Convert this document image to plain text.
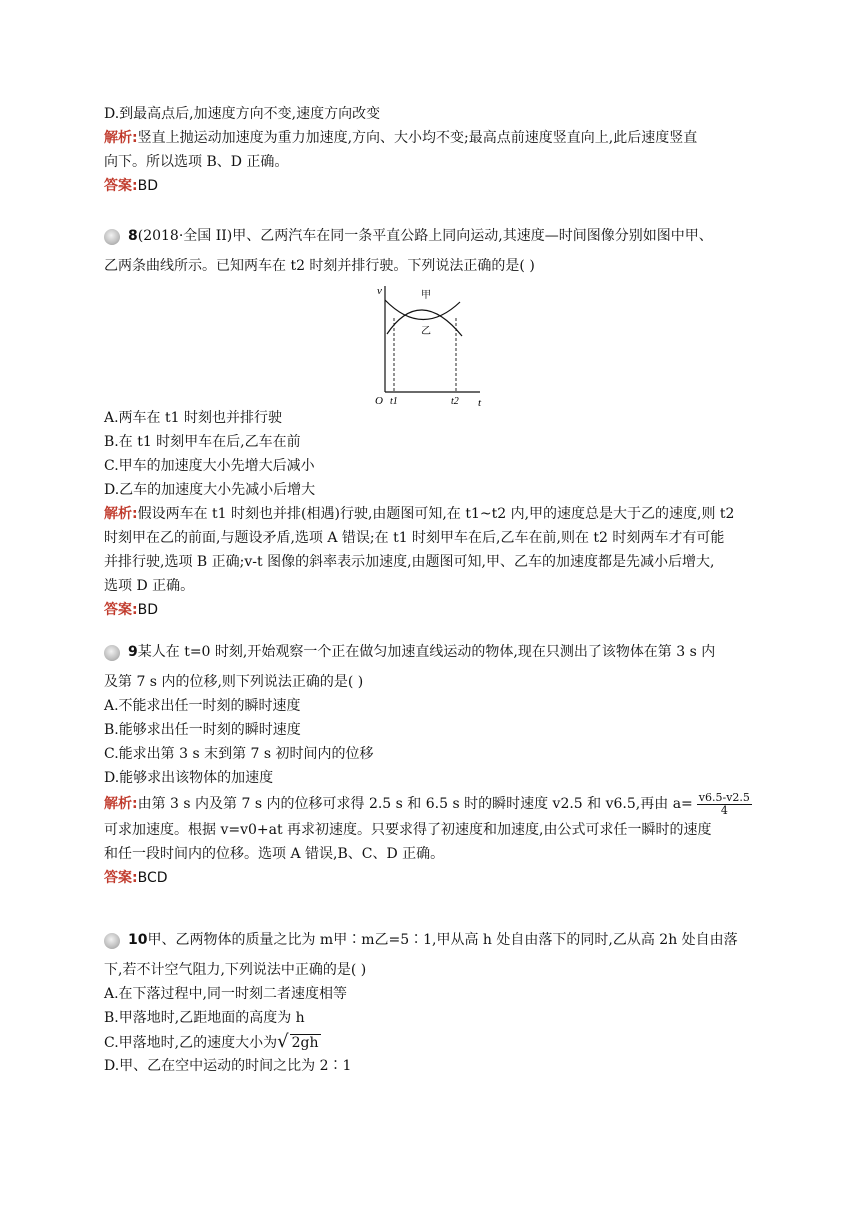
D.到最高点后,加速度方向不变,速度方向改变
解析:竖直上抛运动加速度为重力加速度,方向、大小均不变;最高点前速度竖直向上,此后速度竖直
向下。所以选项 B、D 正确。
答案:BD
8 (2018·全国 II)甲、乙两汽车在同一条平直公路上同向运动,其速度—时间图像分别如图中甲、
乙两条曲线所示。已知两车在 t2 时刻并排行驶。下列说法正确的是( )
v
t
O t1	t2
甲
乙
A.两车在 t1 时刻也并排行驶
B.在 t1 时刻甲车在后,乙车在前
C.甲车的加速度大小先增大后减小
D.乙车的加速度大小先减小后增大
解析:假设两车在 t1 时刻也并排(相遇)行驶,由题图可知,在 t1~t2 内,甲的速度总是大于乙的速度,则 t2
时刻甲在乙的前面,与题设矛盾,选项 A 错误;在 t1 时刻甲车在后,乙车在前,则在 t2 时刻两车才有可能
并排行驶,选项 B 正确;v-t 图像的斜率表示加速度,由题图可知,甲、乙车的加速度都是先减小后增大,
选项 D 正确。
答案:BD
9 某人在 t=0 时刻,开始观察一个正在做匀加速直线运动的物体,现在只测出了该物体在第 3 s 内
及第 7 s 内的位移,则下列说法正确的是( )
A.不能求出任一时刻的瞬时速度
B.能够求出任一时刻的瞬时速度
C.能求出第 3 s 末到第 7 s 初时间内的位移
D.能够求出该物体的加速度
解析:由第 3 s 内及第 7 s 内的位移可求得 2.5 s 和 6.5 s 时的瞬时速度 v2.5 和 v6.5,再由 $a= \frac{v6.5-v2.5}{4}$
可求加速度。根据 v=v0+at 再求初速度。只要求得了初速度和加速度,由公式可求任一瞬时的速度
和任一段时间内的位移。选项 A 错误,B、C、D 正确。
答案:BCD
10 甲、乙两物体的质量之比为 m甲∶m乙=5∶1,甲从高 h 处自由落下的同时,乙从高 2h 处自由落
下,若不计空气阻力,下列说法中正确的是( )
A.在下落过程中,同一时刻二者速度相等
B.甲落地时,乙距地面的高度为 h
C.甲落地时,乙的速度大小为√ 2gh
D.甲、乙在空中运动的时间之比为 2∶1
